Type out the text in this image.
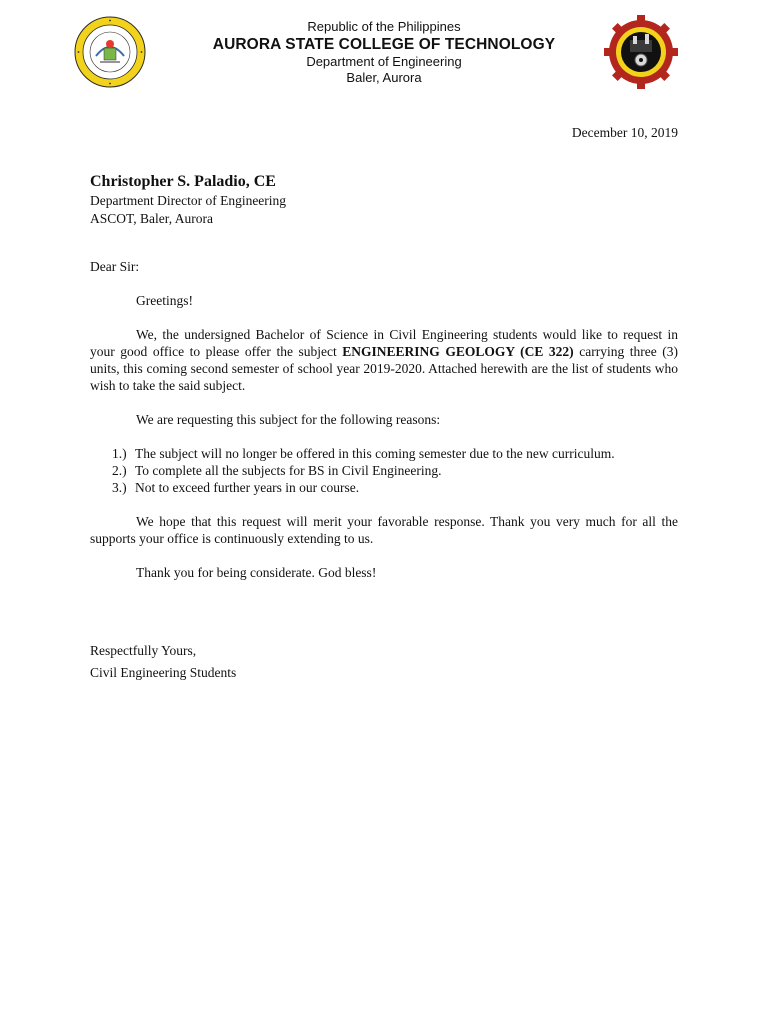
Republic of the Philippines
AURORA STATE COLLEGE OF TECHNOLOGY
Department of Engineering
Baler, Aurora
December 10, 2019
Christopher S. Paladio, CE
Department Director of Engineering
ASCOT, Baler, Aurora

Dear Sir:

Greetings!

We, the undersigned Bachelor of Science in Civil Engineering students would like to request in your good office to please offer the subject ENGINEERING GEOLOGY (CE 322) carrying three (3) units, this coming second semester of school year 2019-2020. Attached herewith are the list of students who wish to take the said subject.

We are requesting this subject for the following reasons:

1.) The subject will no longer be offered in this coming semester due to the new curriculum.
2.) To complete all the subjects for BS in Civil Engineering.
3.) Not to exceed further years in our course.

We hope that this request will merit your favorable response. Thank you very much for all the supports your office is continuously extending to us.

Thank you for being considerate. God bless!

Respectfully Yours,
Civil Engineering Students
